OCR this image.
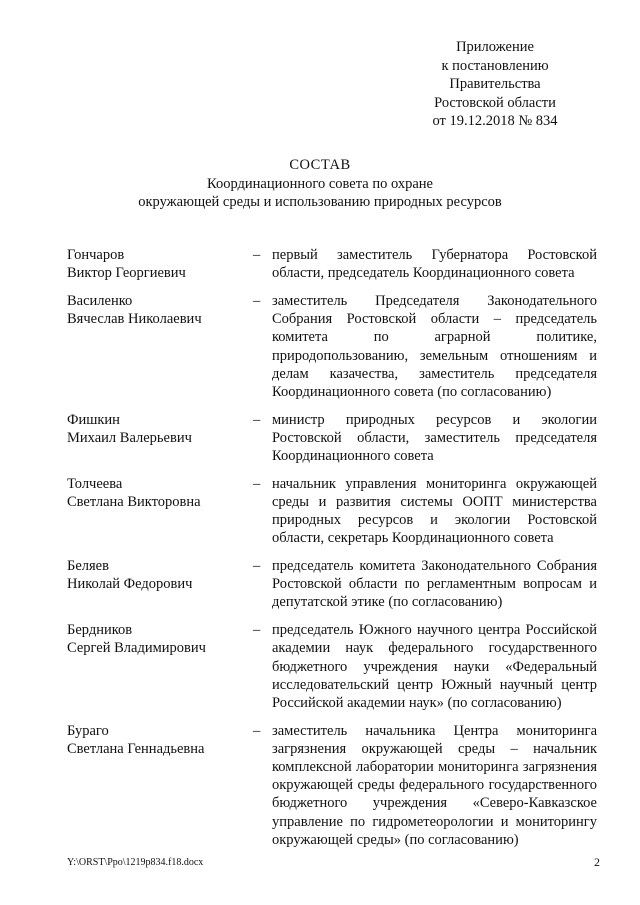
Приложение
к постановлению
Правительства
Ростовской области
от 19.12.2018 № 834
СОСТАВ
Координационного совета по охране
окружающей среды и использованию природных ресурсов
Гончаров
Виктор Георгиевич
– первый заместитель Губернатора Ростовской области, председатель Координационного совета
Василенко
Вячеслав Николаевич
– заместитель Председателя Законодательного Собрания Ростовской области – председатель комитета по аграрной политике, природопользованию, земельным отношениям и делам казачества, заместитель председателя Координационного совета (по согласованию)
Фишкин
Михаил Валерьевич
– министр природных ресурсов и экологии Ростовской области, заместитель председателя Координационного совета
Толчеева
Светлана Викторовна
– начальник управления мониторинга окружающей среды и развития системы ООПТ министерства природных ресурсов и экологии Ростовской области, секретарь Координационного совета
Беляев
Николай Федорович
– председатель комитета Законодательного Собрания Ростовской области по регламентным вопросам и депутатской этике (по согласованию)
Бердников
Сергей Владимирович
– председатель Южного научного центра Российской академии наук федерального государственного бюджетного учреждения науки «Федеральный исследовательский центр Южный научный центр Российской академии наук» (по согласованию)
Бураго
Светлана Геннадьевна
– заместитель начальника Центра мониторинга загрязнения окружающей среды – начальник комплексной лаборатории мониторинга загрязнения окружающей среды федерального государственного бюджетного учреждения «Северо-Кавказское управление по гидрометеорологии и мониторингу окружающей среды» (по согласованию)
Y:\ORST\Ppo\1219p834.f18.docx	2
